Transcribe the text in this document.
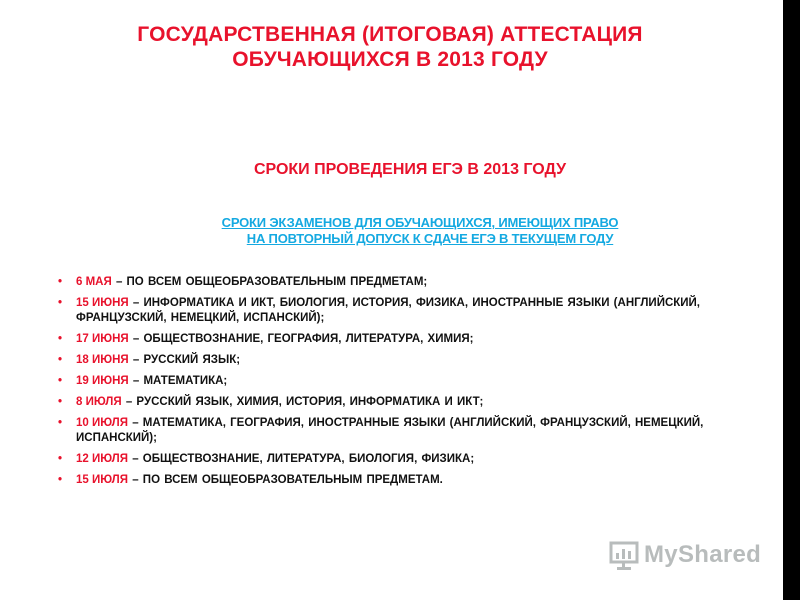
ГОСУДАРСТВЕННАЯ (ИТОГОВАЯ) АТТЕСТАЦИЯ
ОБУЧАЮЩИХСЯ В 2013 ГОДУ
СРОКИ ПРОВЕДЕНИЯ ЕГЭ В 2013 ГОДУ
СРОКИ ЭКЗАМЕНОВ ДЛЯ ОБУЧАЮЩИХСЯ, ИМЕЮЩИХ ПРАВО
НА ПОВТОРНЫЙ ДОПУСК К СДАЧЕ ЕГЭ В ТЕКУЩЕМ ГОДУ
• 6 МАЯ – ПО ВСЕМ ОБЩЕОБРАЗОВАТЕЛЬНЫМ ПРЕДМЕТАМ;
• 15 ИЮНЯ – ИНФОРМАТИКА И ИКТ, БИОЛОГИЯ, ИСТОРИЯ, ФИЗИКА, ИНОСТРАННЫЕ ЯЗЫКИ (АНГЛИЙСКИЙ, ФРАНЦУЗСКИЙ, НЕМЕЦКИЙ, ИСПАНСКИЙ);
• 17 ИЮНЯ – ОБЩЕСТВОЗНАНИЕ, ГЕОГРАФИЯ, ЛИТЕРАТУРА, ХИМИЯ;
• 18 ИЮНЯ – РУССКИЙ ЯЗЫК;
• 19 ИЮНЯ – МАТЕМАТИКА;
• 8 ИЮЛЯ – РУССКИЙ ЯЗЫК, ХИМИЯ, ИСТОРИЯ, ИНФОРМАТИКА И ИКТ;
• 10 ИЮЛЯ – МАТЕМАТИКА, ГЕОГРАФИЯ, ИНОСТРАННЫЕ ЯЗЫКИ (АНГЛИЙСКИЙ, ФРАНЦУЗСКИЙ, НЕМЕЦКИЙ, ИСПАНСКИЙ);
• 12 ИЮЛЯ – ОБЩЕСТВОЗНАНИЕ, ЛИТЕРАТУРА, БИОЛОГИЯ, ФИЗИКА;
• 15 ИЮЛЯ – ПО ВСЕМ ОБЩЕОБРАЗОВАТЕЛЬНЫМ ПРЕДМЕТАМ.
MyShared
